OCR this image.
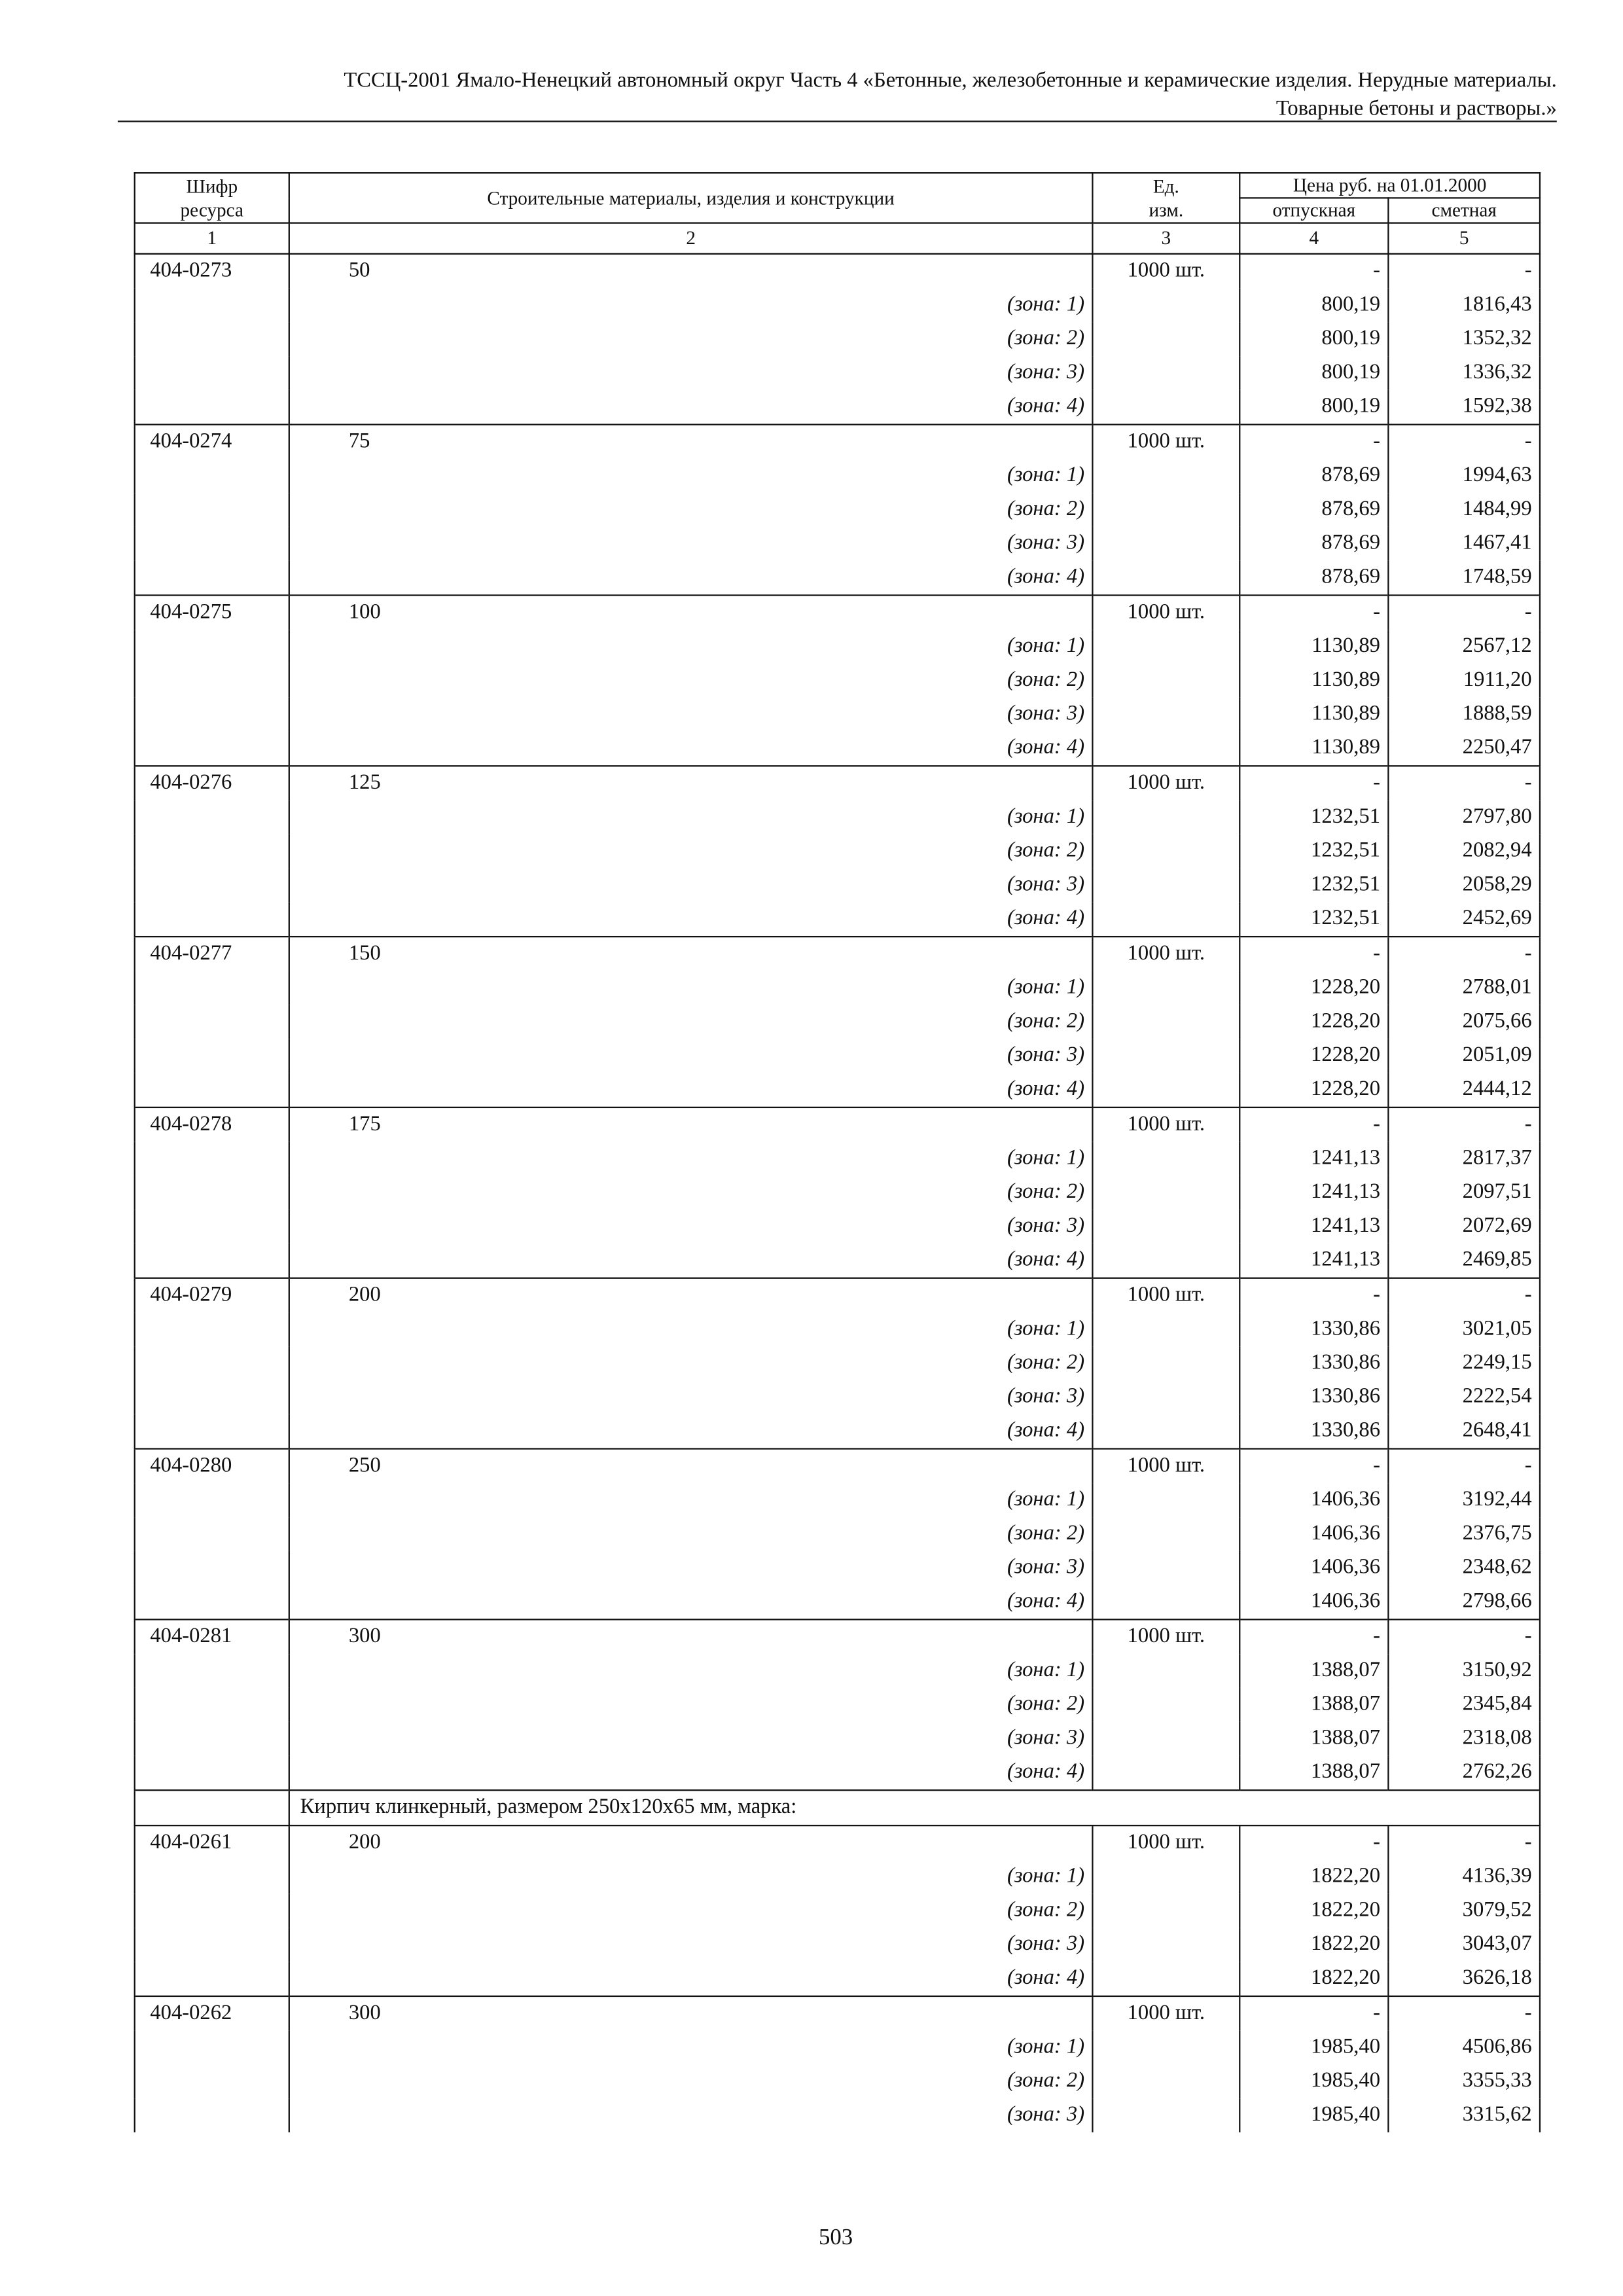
ТССЦ-2001 Ямало-Ненецкий автономный округ Часть 4 «Бетонные, железобетонные и керамические изделия. Нерудные материалы.
Товарные бетоны и растворы.»
Шифр ресурса	Строительные материалы, изделия и конструкции	Ед. изм.	Цена руб. на 01.01.2000	
			отпускная	сметная
1	2	3	4	5
404-0273	50	1000 шт.	-	-
	(зона: 1)		800,19	1816,43
	(зона: 2)		800,19	1352,32
	(зона: 3)		800,19	1336,32
	(зона: 4)		800,19	1592,38
404-0274	75	1000 шт.	-	-
	(зона: 1)		878,69	1994,63
	(зона: 2)		878,69	1484,99
	(зона: 3)		878,69	1467,41
	(зона: 4)		878,69	1748,59
404-0275	100	1000 шт.	-	-
	(зона: 1)		1130,89	2567,12
	(зона: 2)		1130,89	1911,20
	(зона: 3)		1130,89	1888,59
	(зона: 4)		1130,89	2250,47
404-0276	125	1000 шт.	-	-
	(зона: 1)		1232,51	2797,80
	(зона: 2)		1232,51	2082,94
	(зона: 3)		1232,51	2058,29
	(зона: 4)		1232,51	2452,69
404-0277	150	1000 шт.	-	-
	(зона: 1)		1228,20	2788,01
	(зона: 2)		1228,20	2075,66
	(зона: 3)		1228,20	2051,09
	(зона: 4)		1228,20	2444,12
404-0278	175	1000 шт.	-	-
	(зона: 1)		1241,13	2817,37
	(зона: 2)		1241,13	2097,51
	(зона: 3)		1241,13	2072,69
	(зона: 4)		1241,13	2469,85
404-0279	200	1000 шт.	-	-
	(зона: 1)		1330,86	3021,05
	(зона: 2)		1330,86	2249,15
	(зона: 3)		1330,86	2222,54
	(зона: 4)		1330,86	2648,41
404-0280	250	1000 шт.	-	-
	(зона: 1)		1406,36	3192,44
	(зона: 2)		1406,36	2376,75
	(зона: 3)		1406,36	2348,62
	(зона: 4)		1406,36	2798,66
404-0281	300	1000 шт.	-	-
	(зона: 1)		1388,07	3150,92
	(зона: 2)		1388,07	2345,84
	(зона: 3)		1388,07	2318,08
	(зона: 4)		1388,07	2762,26
	Кирпич клинкерный, размером 250х120х65 мм, марка:			
404-0261	200	1000 шт.	-	-
	(зона: 1)		1822,20	4136,39
	(зона: 2)		1822,20	3079,52
	(зона: 3)		1822,20	3043,07
	(зона: 4)		1822,20	3626,18
404-0262	300	1000 шт.	-	-
	(зона: 1)		1985,40	4506,86
	(зона: 2)		1985,40	3355,33
	(зона: 3)		1985,40	3315,62
503
